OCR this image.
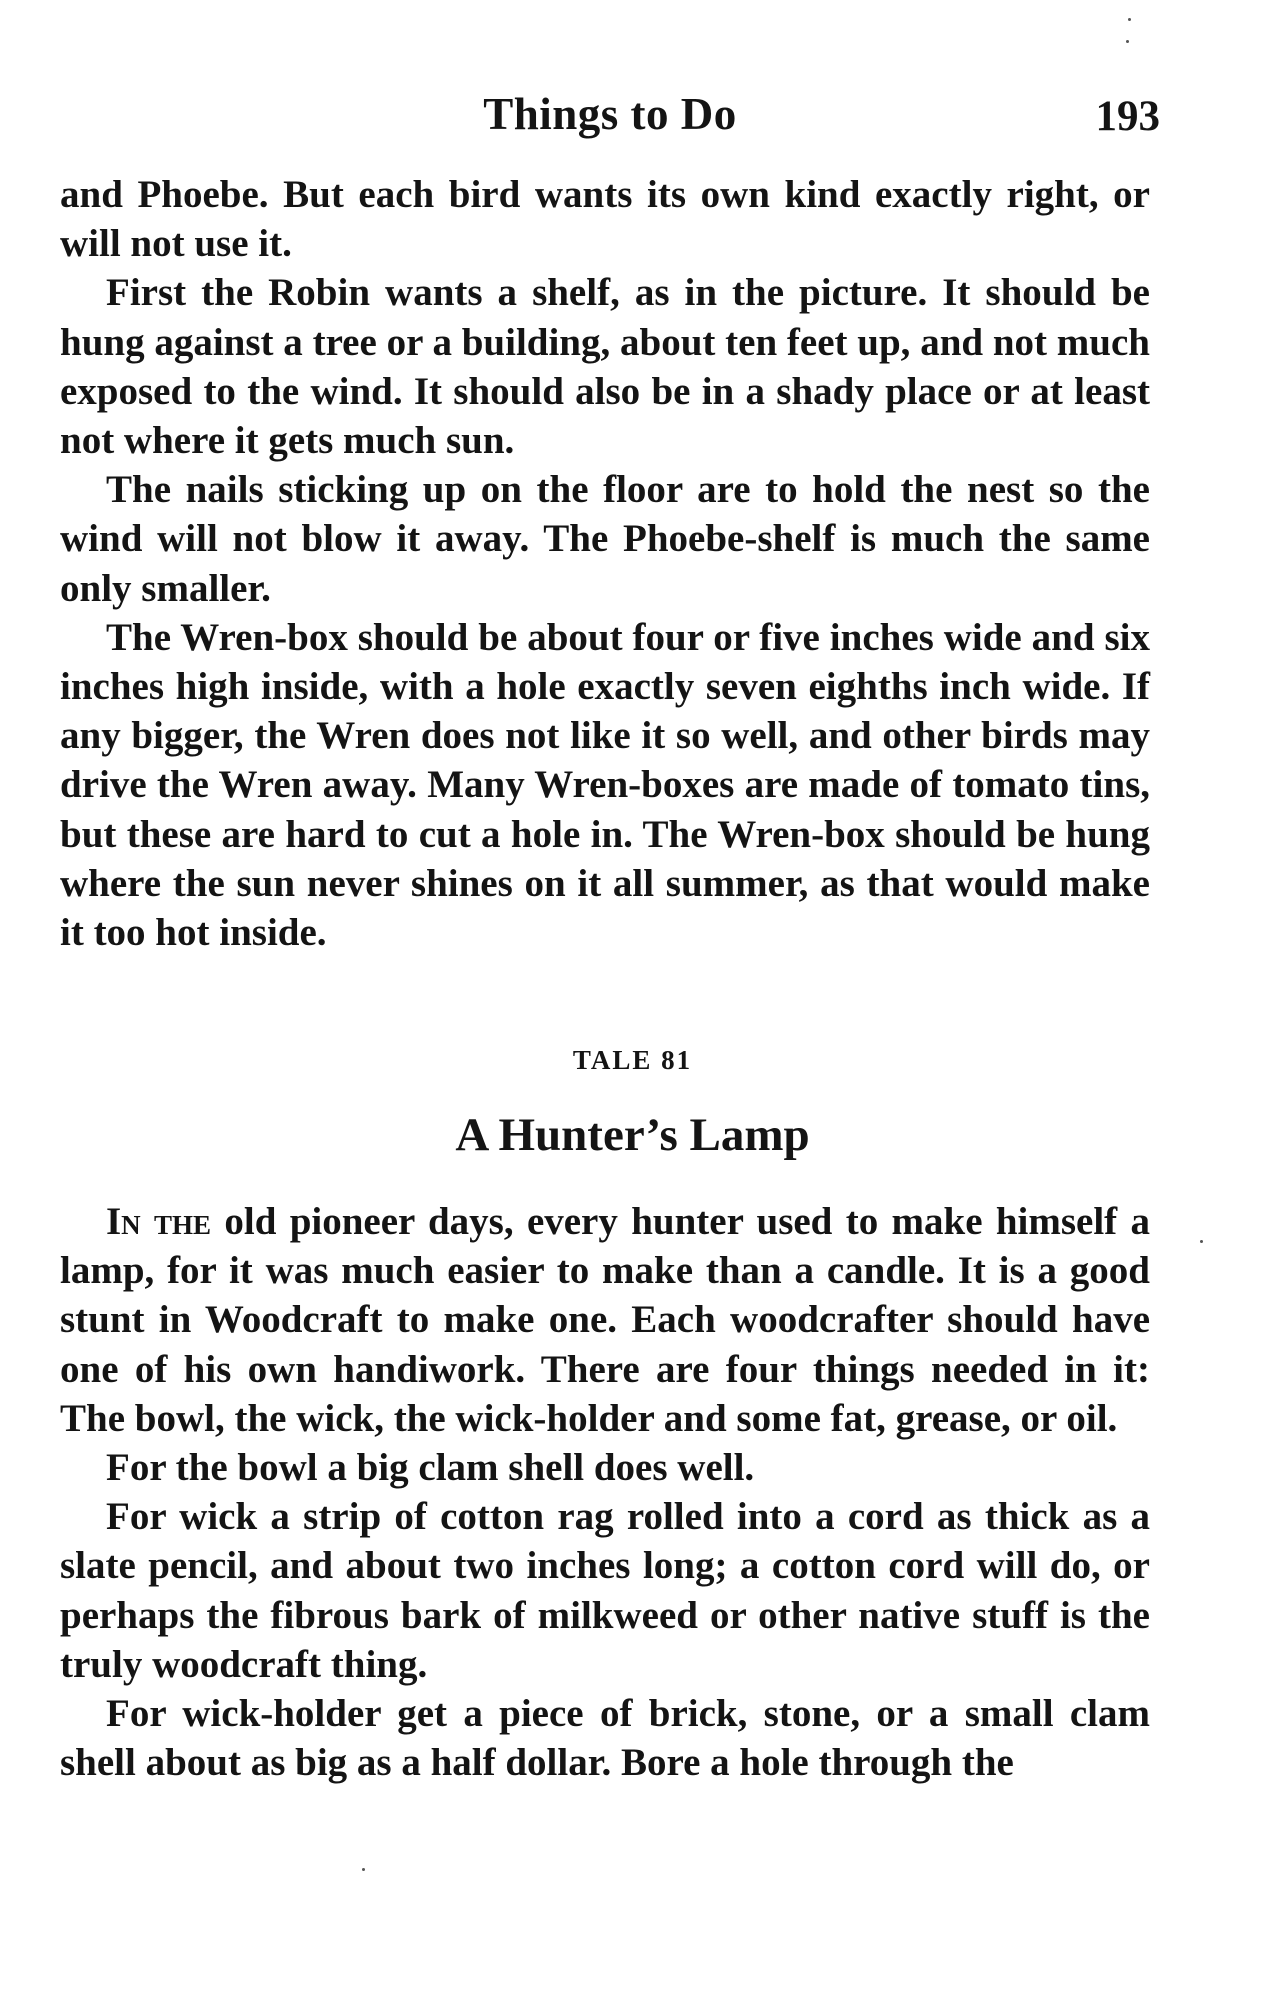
Things to Do	193

and Phoebe. But each bird wants its own kind exactly right, or will not use it.

First the Robin wants a shelf, as in the picture. It should be hung against a tree or a building, about ten feet up, and not much exposed to the wind. It should also be in a shady place or at least not where it gets much sun.

The nails sticking up on the floor are to hold the nest so the wind will not blow it away. The Phoebe-shelf is much the same only smaller.

The Wren-box should be about four or five inches wide and six inches high inside, with a hole exactly seven eighths inch wide. If any bigger, the Wren does not like it so well, and other birds may drive the Wren away. Many Wren-boxes are made of tomato tins, but these are hard to cut a hole in. The Wren-box should be hung where the sun never shines on it all summer, as that would make it too hot inside.

TALE 81
A Hunter’s Lamp

In the old pioneer days, every hunter used to make himself a lamp, for it was much easier to make than a candle. It is a good stunt in Woodcraft to make one. Each woodcrafter should have one of his own handiwork. There are four things needed in it: The bowl, the wick, the wick-holder and some fat, grease, or oil.

For the bowl a big clam shell does well.

For wick a strip of cotton rag rolled into a cord as thick as a slate pencil, and about two inches long; a cotton cord will do, or perhaps the fibrous bark of milkweed or other native stuff is the truly woodcraft thing.

For wick-holder get a piece of brick, stone, or a small clam shell about as big as a half dollar. Bore a hole through the
